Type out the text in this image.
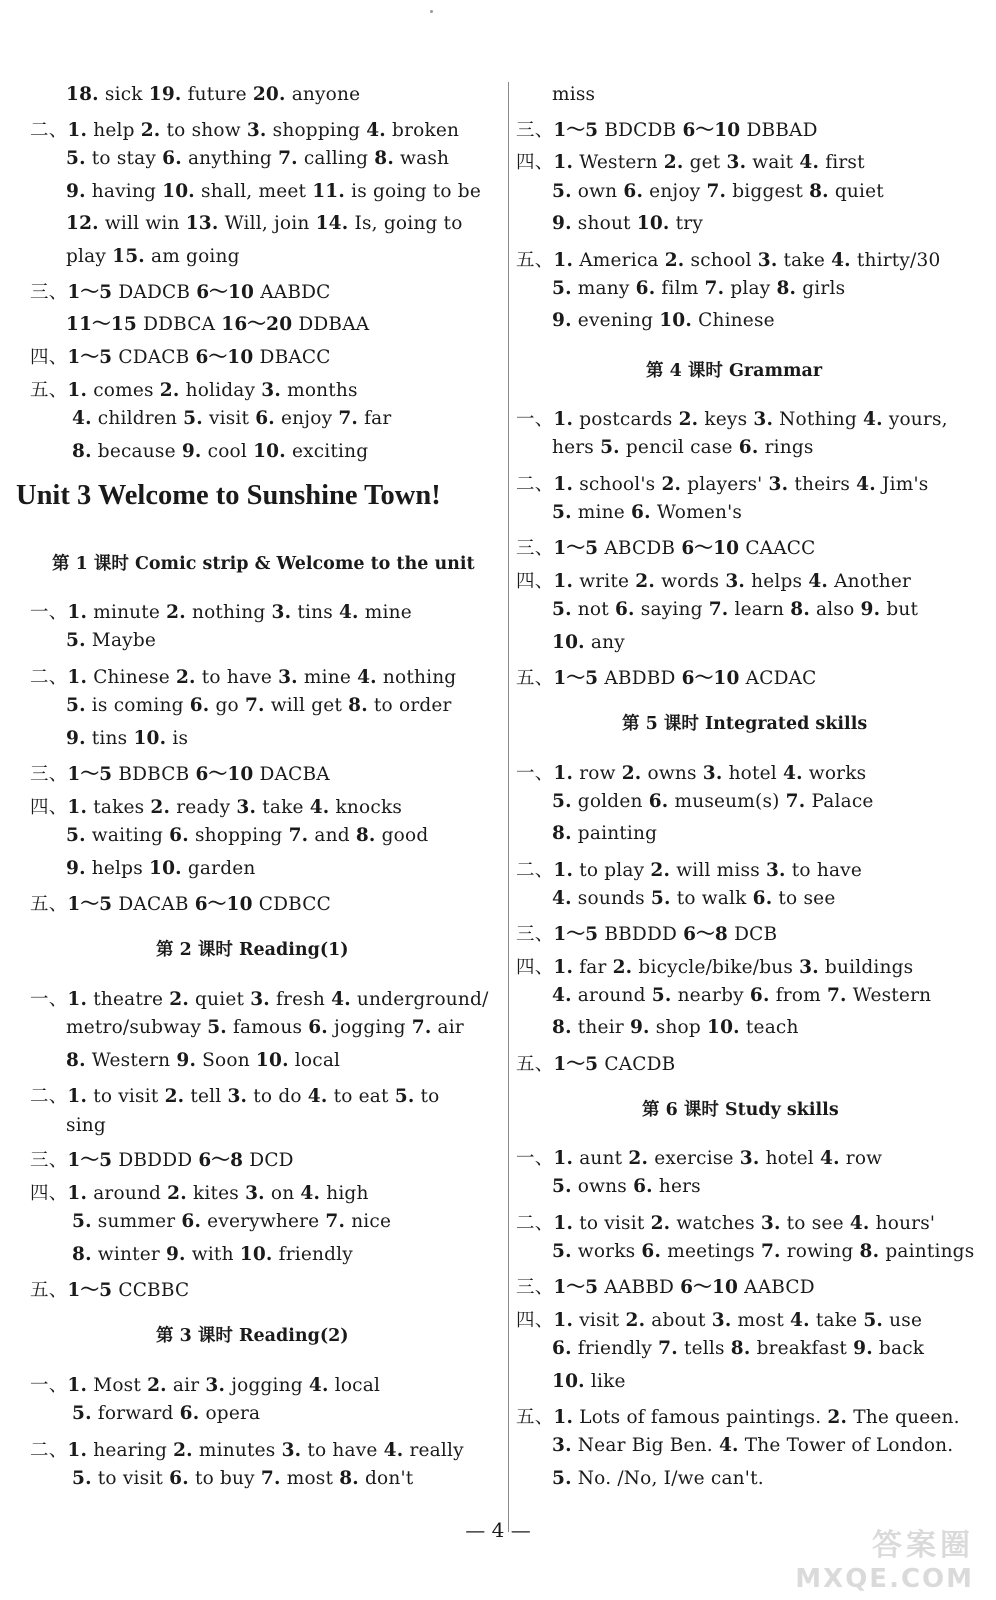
Unit 3 Welcome to Sunshine Town!
第 1 课时 Comic strip & Welcome to the unit
第 2 课时 Reading(1)
第 3 课时 Reading(2)
18. sick 19. future 20. anyone
二、1. help 2. to show 3. shopping 4. broken
5. to stay 6. anything 7. calling 8. wash
9. having 10. shall, meet 11. is going to be
12. will win 13. Will, join 14. Is, going to
play 15. am going
三、1～5 DADCB 6～10 AABDC
11～15 DDBCA 16～20 DDBAA
四、1～5 CDACB 6～10 DBACC
五、1. comes 2. holiday 3. months
4. children 5. visit 6. enjoy 7. far
8. because 9. cool 10. exciting
一、1. minute 2. nothing 3. tins 4. mine
5. Maybe
二、1. Chinese 2. to have 3. mine 4. nothing
5. is coming 6. go 7. will get 8. to order
9. tins 10. is
三、1～5 BDBCB 6～10 DACBA
四、1. takes 2. ready 3. take 4. knocks
5. waiting 6. shopping 7. and 8. good
9. helps 10. garden
五、1～5 DACAB 6～10 CDBCC
一、1. theatre 2. quiet 3. fresh 4. underground/
metro/subway 5. famous 6. jogging 7. air
8. Western 9. Soon 10. local
二、1. to visit 2. tell 3. to do 4. to eat 5. to
sing
三、1～5 DBDDD 6～8 DCD
四、1. around 2. kites 3. on 4. high
5. summer 6. everywhere 7. nice
8. winter 9. with 10. friendly
五、1～5 CCBBC
一、1. Most 2. air 3. jogging 4. local
5. forward 6. opera
二、1. hearing 2. minutes 3. to have 4. really
5. to visit 6. to buy 7. most 8. don't
第 4 课时 Grammar
第 5 课时 Integrated skills
第 6 课时 Study skills
miss
三、1～5 BDCDB 6～10 DBBAD
四、1. Western 2. get 3. wait 4. first
5. own 6. enjoy 7. biggest 8. quiet
9. shout 10. try
五、1. America 2. school 3. take 4. thirty/30
5. many 6. film 7. play 8. girls
9. evening 10. Chinese
一、1. postcards 2. keys 3. Nothing 4. yours,
hers 5. pencil case 6. rings
二、1. school's 2. players' 3. theirs 4. Jim's
5. mine 6. Women's
三、1～5 ABCDB 6～10 CAACC
四、1. write 2. words 3. helps 4. Another
5. not 6. saying 7. learn 8. also 9. but
10. any
五、1～5 ABDBD 6～10 ACDAC
一、1. row 2. owns 3. hotel 4. works
5. golden 6. museum(s) 7. Palace
8. painting
二、1. to play 2. will miss 3. to have
4. sounds 5. to walk 6. to see
三、1～5 BBDDD 6～8 DCB
四、1. far 2. bicycle/bike/bus 3. buildings
4. around 5. nearby 6. from 7. Western
8. their 9. shop 10. teach
五、1～5 CACDB
一、1. aunt 2. exercise 3. hotel 4. row
5. owns 6. hers
二、1. to visit 2. watches 3. to see 4. hours'
5. works 6. meetings 7. rowing 8. paintings
三、1～5 AABBD 6～10 AABCD
四、1. visit 2. about 3. most 4. take 5. use
6. friendly 7. tells 8. breakfast 9. back
10. like
五、1. Lots of famous paintings. 2. The queen.
3. Near Big Ben. 4. The Tower of London.
5. No. /No, I/we can't.
— 4 —	答案圈
MXQE.COM
